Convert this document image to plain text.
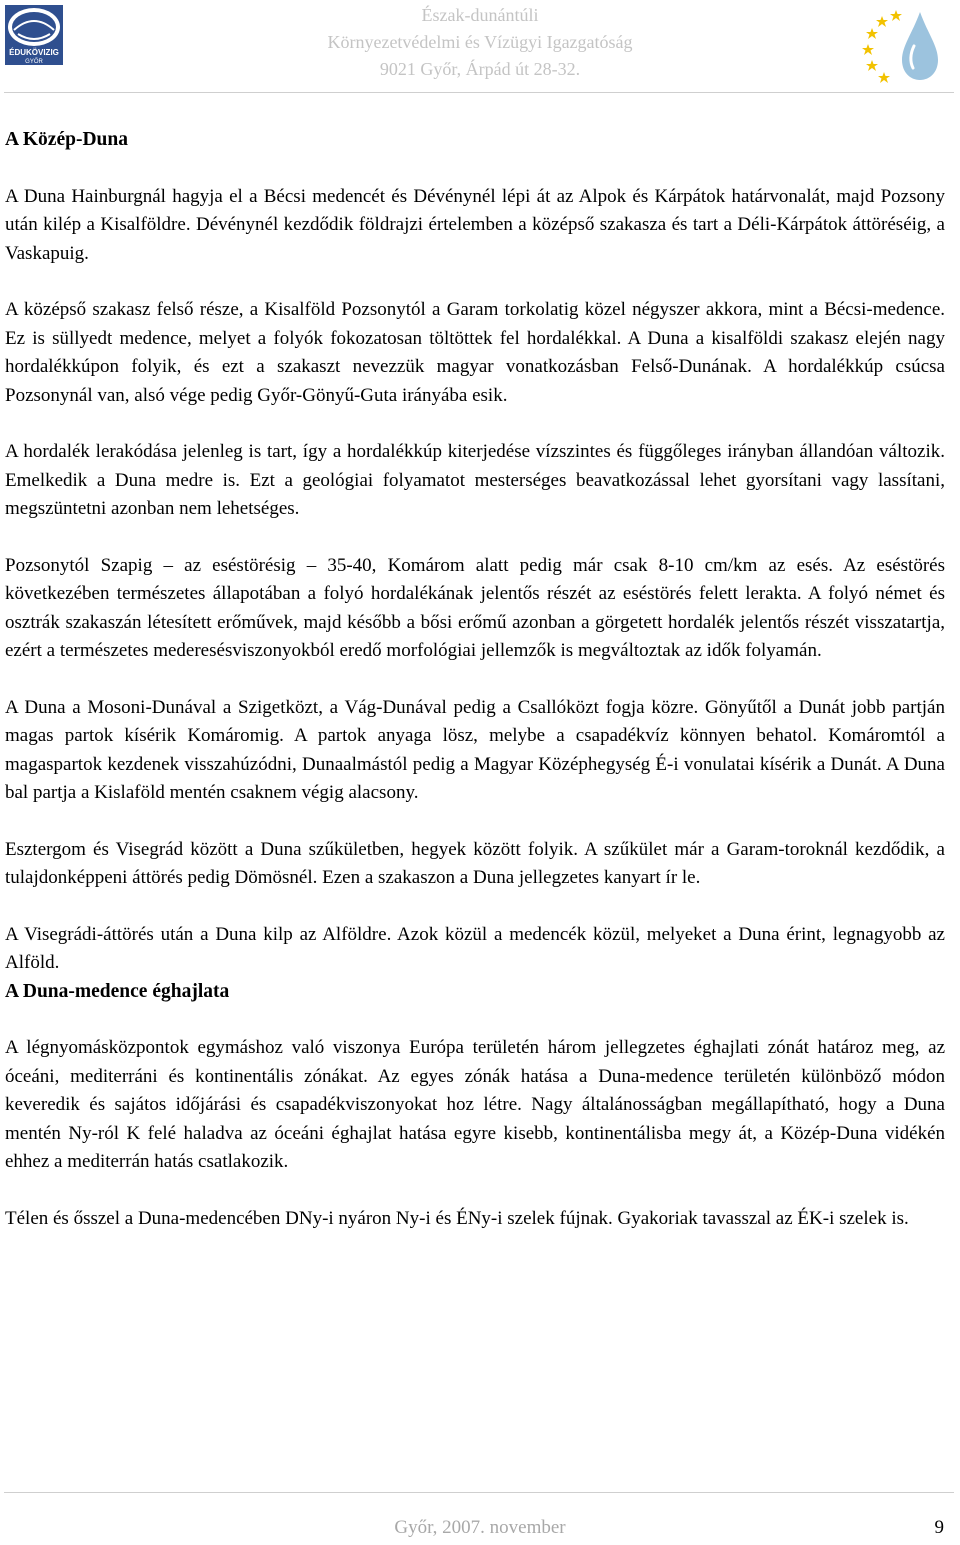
ÉDUKÖVIZIG
GYŐR
Észak-dunántúli
Környezetvédelmi és Vízügyi Igazgatóság
9021 Győr, Árpád út 28-32.
A Közép-Duna

A Duna Hainburgnál hagyja el a Bécsi medencét és Dévénynél lépi át az Alpok és Kárpátok határvonalát, majd Pozsony után kilép a Kisalföldre. Dévénynél kezdődik földrajzi értelemben a középső szakasza és tart a Déli-Kárpátok áttöréséig, a Vaskapuig.

A középső szakasz felső része, a Kisalföld Pozsonytól a Garam torkolatig közel négyszer akkora, mint a Bécsi-medence. Ez is süllyedt medence, melyet a folyók fokozatosan töltöttek fel hordalékkal. A Duna a kisalföldi szakasz elején nagy hordalékkúpon folyik, és ezt a szakaszt nevezzük magyar vonatkozásban Felső-Dunának. A hordalékkúp csúcsa Pozsonynál van, alsó vége pedig Győr-Gönyű-Guta irányába esik.

A hordalék lerakódása jelenleg is tart, így a hordalékkúp kiterjedése vízszintes és függőleges irányban állandóan változik. Emelkedik a Duna medre is. Ezt a geológiai folyamatot mesterséges beavatkozással lehet gyorsítani vagy lassítani, megszüntetni azonban nem lehetséges.

Pozsonytól Szapig – az eséstörésig – 35-40, Komárom alatt pedig már csak 8-10 cm/km az esés. Az eséstörés következében természetes állapotában a folyó hordalékának jelentős részét az eséstörés felett lerakta. A folyó német és osztrák szakaszán létesített erőművek, majd később a bősi erőmű azonban a görgetett hordalék jelentős részét visszatartja, ezért a természetes mederesésviszonyokból eredő morfológiai jellemzők is megváltoztak az idők folyamán.

A Duna a Mosoni-Dunával a Szigetközt, a Vág-Dunával pedig a Csallóközt fogja közre. Gönyűtől a Dunát jobb partján magas partok kísérik Komáromig. A partok anyaga lösz, melybe a csapadékvíz könnyen behatol. Komáromtól a magaspartok kezdenek visszahúzódni, Dunaalmástól pedig a Magyar Középhegység É-i vonulatai kísérik a Dunát. A Duna bal partja a Kislaföld mentén csaknem végig alacsony.

Esztergom és Visegrád között a Duna szűkületben, hegyek között folyik. A szűkület már a Garam-toroknál kezdődik, a tulajdonképpeni áttörés pedig Dömösnél. Ezen a szakaszon a Duna jellegzetes kanyart ír le.

A Visegrádi-áttörés után a Duna kilp az Alföldre. Azok közül a medencék közül, melyeket a Duna érint, legnagyobb az Alföld.

A Duna-medence éghajlata

A légnyomásközpontok egymáshoz való viszonya Európa területén három jellegzetes éghajlati zónát határoz meg, az óceáni, mediterráni és kontinentális zónákat. Az egyes zónák hatása a Duna-medence területén különböző módon keveredik és sajátos időjárási és csapadékviszonyokat hoz létre. Nagy általánosságban megállapítható, hogy a Duna mentén Ny-ról K felé haladva az óceáni éghajlat hatása egyre kisebb, kontinentálisba megy át, a Közép-Duna vidékén ehhez a mediterrán hatás csatlakozik.

Télen és ősszel a Duna-medencében DNy-i nyáron Ny-i és ÉNy-i szelek fújnak. Gyakoriak tavasszal az ÉK-i szelek is.

Győr, 2007. november	9
